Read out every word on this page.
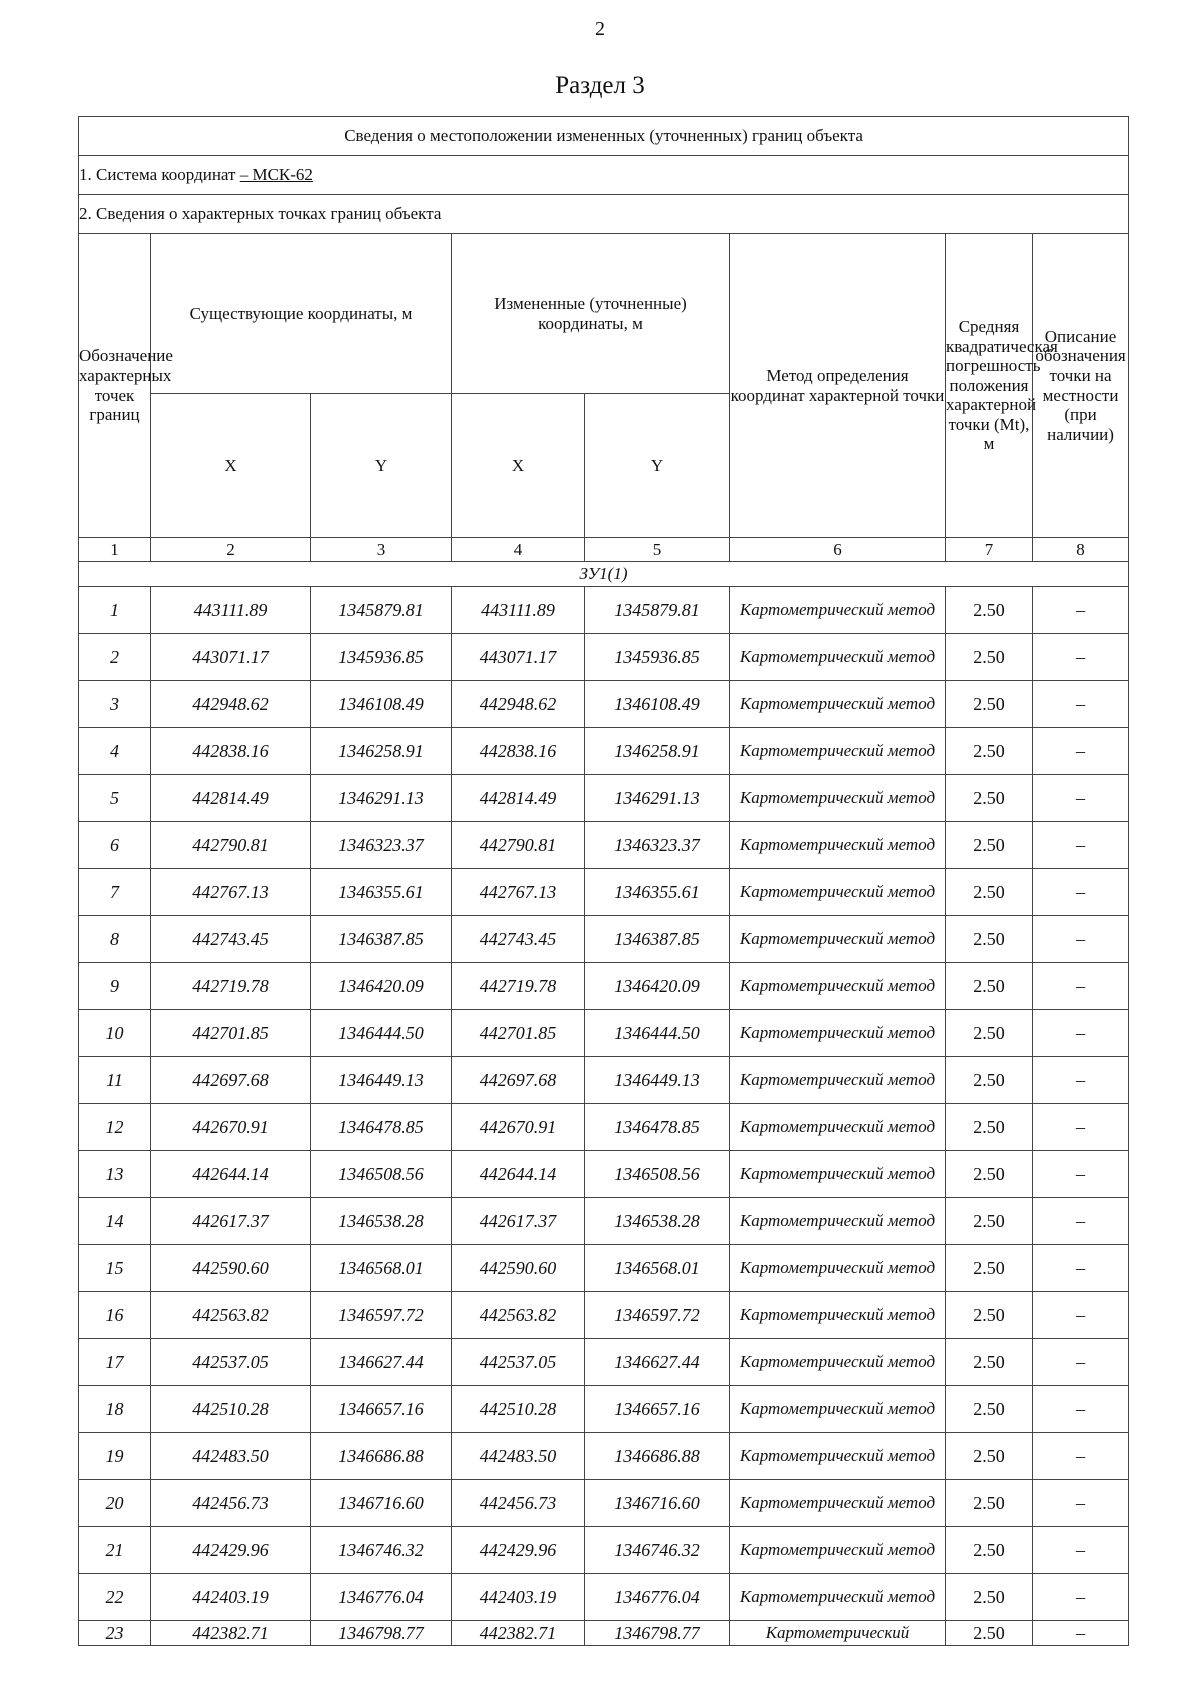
2
Раздел 3
Сведения о местоположении измененных (уточненных) границ объекта							
1. Система координат – МСК-62							
2. Сведения о характерных точках границ объекта							
Обозначение характерных точек границ	Существующие координаты, м		Измененные (уточненные) координаты, м		Метод определения координат характерной точки	Средняя квадратическая погрешность положения характерной точки (Mt), м	Описание обозначения точки на местности (при наличии)
	X	Y	X	Y			
1	2	3	4	5	6	7	8
ЗУ1(1)							
1	443111.89	1345879.81	443111.89	1345879.81	Картометрический метод	2.50	–
2	443071.17	1345936.85	443071.17	1345936.85	Картометрический метод	2.50	–
3	442948.62	1346108.49	442948.62	1346108.49	Картометрический метод	2.50	–
4	442838.16	1346258.91	442838.16	1346258.91	Картометрический метод	2.50	–
5	442814.49	1346291.13	442814.49	1346291.13	Картометрический метод	2.50	–
6	442790.81	1346323.37	442790.81	1346323.37	Картометрический метод	2.50	–
7	442767.13	1346355.61	442767.13	1346355.61	Картометрический метод	2.50	–
8	442743.45	1346387.85	442743.45	1346387.85	Картометрический метод	2.50	–
9	442719.78	1346420.09	442719.78	1346420.09	Картометрический метод	2.50	–
10	442701.85	1346444.50	442701.85	1346444.50	Картометрический метод	2.50	–
11	442697.68	1346449.13	442697.68	1346449.13	Картометрический метод	2.50	–
12	442670.91	1346478.85	442670.91	1346478.85	Картометрический метод	2.50	–
13	442644.14	1346508.56	442644.14	1346508.56	Картометрический метод	2.50	–
14	442617.37	1346538.28	442617.37	1346538.28	Картометрический метод	2.50	–
15	442590.60	1346568.01	442590.60	1346568.01	Картометрический метод	2.50	–
16	442563.82	1346597.72	442563.82	1346597.72	Картометрический метод	2.50	–
17	442537.05	1346627.44	442537.05	1346627.44	Картометрический метод	2.50	–
18	442510.28	1346657.16	442510.28	1346657.16	Картометрический метод	2.50	–
19	442483.50	1346686.88	442483.50	1346686.88	Картометрический метод	2.50	–
20	442456.73	1346716.60	442456.73	1346716.60	Картометрический метод	2.50	–
21	442429.96	1346746.32	442429.96	1346746.32	Картометрический метод	2.50	–
22	442403.19	1346776.04	442403.19	1346776.04	Картометрический метод	2.50	–
23	442382.71	1346798.77	442382.71	1346798.77	Картометрический	2.50	–
